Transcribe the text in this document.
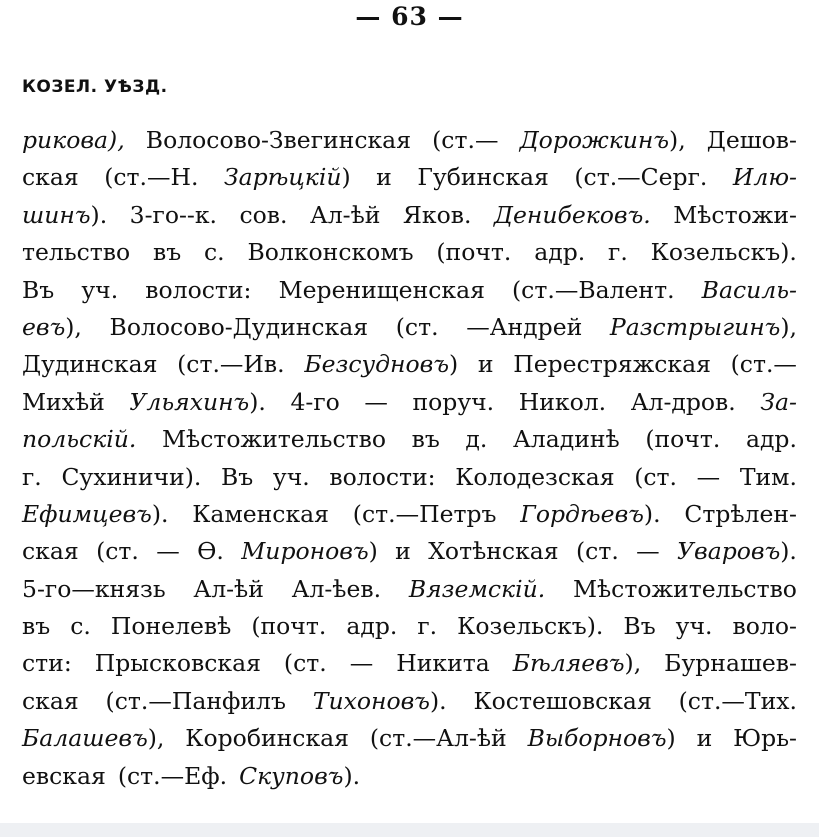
— 63 —
КОЗЕЛ. УѢЗД.
рикова), Волосово-Звегинская (ст.— Дорожкинъ), Дешов-
ская (ст.—Н. Зарѣцкій) и Губинская (ст.—Серг. Илю-
шинъ). 3-го--к. сов. Ал-ѣй Яков. Денибековъ. Мѣстожи-
тельство въ с. Волконскомъ (почт. адр. г. Козельскъ).
Въ уч. волости: Меренищенская (ст.—Валент. Василь-
евъ), Волосово-Дудинская (ст. —Андрей Разстрыгинъ),
Дудинская (ст.—Ив. Безсудновъ) и Перестряжская (ст.—
Михѣй Ульяхинъ). 4-го — поруч. Никол. Ал-дров. За-
польскій. Мѣстожительство въ д. Аладинѣ (почт. адр.
г. Сухиничи). Въ уч. волости: Колодезская (ст. — Тим.
Ефимцевъ). Каменская (ст.—Петръ Гордѣевъ). Стрѣлен-
ская (ст. — Ѳ. Мироновъ) и Хотѣнская (ст. — Уваровъ).
5-го—князь Ал-ѣй Ал-ѣев. Вяземскій. Мѣстожительство
въ с. Понелевѣ (почт. адр. г. Козельскъ). Въ уч. воло-
сти: Прысковская (ст. — Никита Бѣляевъ), Бурнашев-
ская (ст.—Панфилъ Тихоновъ). Костешовская (ст.—Тих.
Балашевъ), Коробинская (ст.—Ал-ѣй Выборновъ) и Юрь-
евская (ст.—Еф. Скуповъ).
